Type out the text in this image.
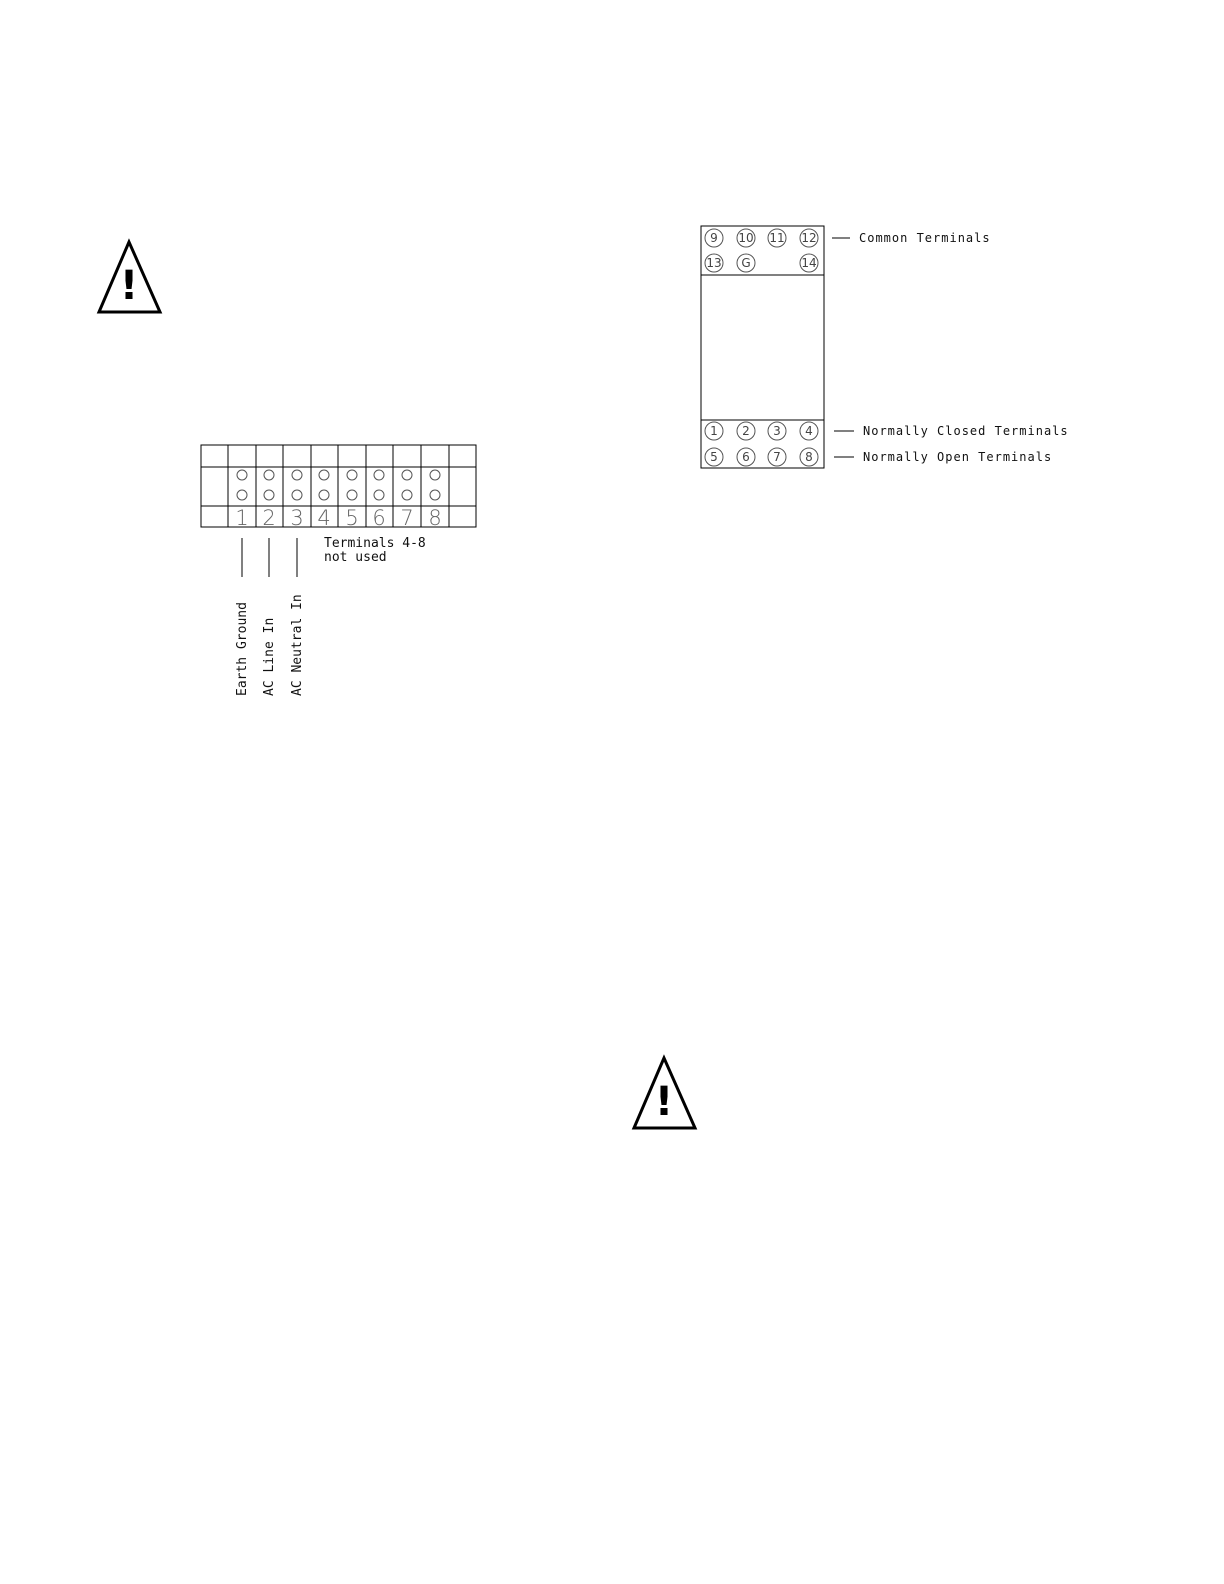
!
!
1 2 3 4 5 6 7 8
Terminals 4-8
not used
Earth Ground AC Line In AC Neutral In
9 10 11 12
13 G	14
1 2 3 4
5 6 7 8
Common Terminals
Normally Closed Terminals
Normally Open Terminals
